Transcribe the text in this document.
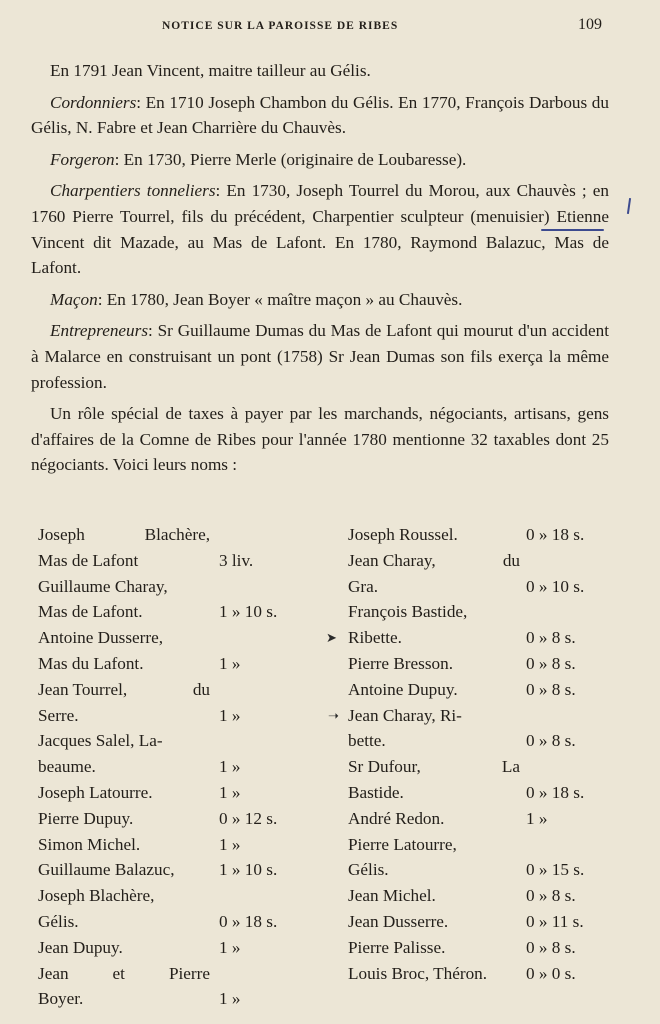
NOTICE SUR LA PAROISSE DE RIBES	109

En 1791 Jean Vincent, maitre tailleur au Gélis.

Cordonniers: En 1710 Joseph Chambon du Gélis. En 1770, François Darbous du Gélis, N. Fabre et Jean Charrière du Chauvès.

Forgeron: En 1730, Pierre Merle (originaire de Loubaresse).

Charpentiers tonneliers: En 1730, Joseph Tourrel du Morou, aux Chauvès ; en 1760 Pierre Tourrel, fils du précédent, Charpentier sculpteur (menuisier) Etienne Vincent dit Mazade, au Mas de Lafont. En 1780, Raymond Balazuc, Mas de Lafont.

Maçon: En 1780, Jean Boyer « maître maçon » au Chauvès.

Entrepreneurs: Sr Guillaume Dumas du Mas de Lafont qui mourut d'un accident à Malarce en construisant un pont (1758) Sr Jean Dumas son fils exerça la même profession.

Un rôle spécial de taxes à payer par les marchands, négociants, artisans, gens d'affaires de la Comne de Ribes pour l'année 1780 mentionne 32 taxables dont 25 négociants. Voici leurs noms :

Joseph	Blachère,
Mas de Lafont	3 liv.
Guillaume Charay,
Mas de Lafont.	1 » 10 s.
Antoine Dusserre,
Mas du Lafont.	1 »
Jean Tourrel,	du
Serre.	1 »
Jacques Salel, La-
beaume.	1 »
Joseph Latourre.	1 »
Pierre Dupuy.	0 » 12 s.
Simon Michel.	1 »
Guillaume Balazuc,	1 » 10 s.
Joseph Blachère,
Gélis.	0 » 18 s.
Jean Dupuy.	1 »
Jean	et	Pierre
Boyer.	1 »
Joseph Roussel.	0 » 18 s.
Jean Charay,	du
Gra.	0 » 10 s.
François Bastide,
➤ Ribette.	0 » 8 s.
Pierre Bresson.	0 » 8 s.
Antoine Dupuy.	0 » 8 s.
➝ Jean Charay, Ri-
bette.	0 » 8 s.
Sr Dufour,	La
Bastide.	0 » 18 s.
André Redon.	1 »
Pierre Latourre,
Gélis.	0 » 15 s.
Jean Michel.	0 » 8 s.
Jean Dusserre.	0 » 11 s.
Pierre Palisse.	0 » 8 s.
Louis Broc, Théron. 0 » 0 s.
